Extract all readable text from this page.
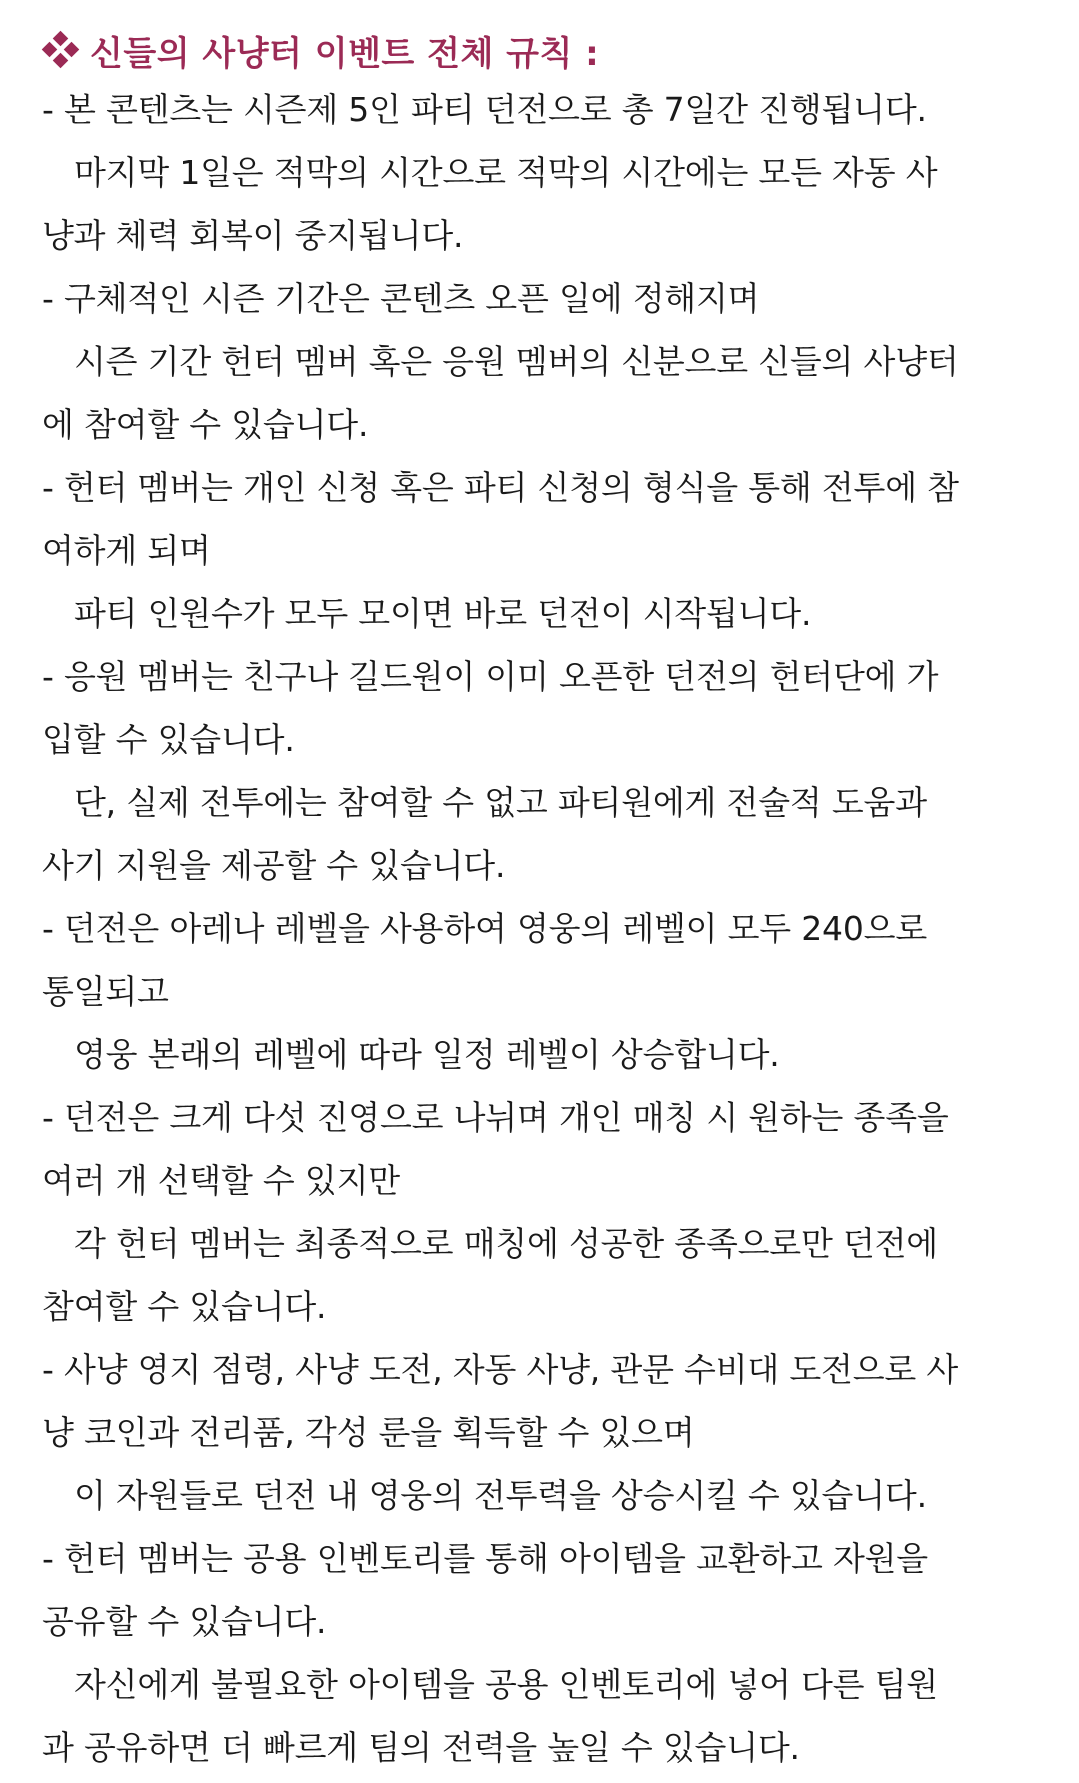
신들의 사냥터 이벤트 전체 규칙 :
- 본 콘텐츠는 시즌제 5인 파티 던전으로 총 7일간 진행됩니다.
마지막 1일은 적막의 시간으로 적막의 시간에는 모든 자동 사
냥과 체력 회복이 중지됩니다.
- 구체적인 시즌 기간은 콘텐츠 오픈 일에 정해지며
시즌 기간 헌터 멤버 혹은 응원 멤버의 신분으로 신들의 사냥터
에 참여할 수 있습니다.
- 헌터 멤버는 개인 신청 혹은 파티 신청의 형식을 통해 전투에 참
여하게 되며
파티 인원수가 모두 모이면 바로 던전이 시작됩니다.
- 응원 멤버는 친구나 길드원이 이미 오픈한 던전의 헌터단에 가
입할 수 있습니다.
단, 실제 전투에는 참여할 수 없고 파티원에게 전술적 도움과
사기 지원을 제공할 수 있습니다.
- 던전은 아레나 레벨을 사용하여 영웅의 레벨이 모두 240으로
통일되고
영웅 본래의 레벨에 따라 일정 레벨이 상승합니다.
- 던전은 크게 다섯 진영으로 나뉘며 개인 매칭 시 원하는 종족을
여러 개 선택할 수 있지만
각 헌터 멤버는 최종적으로 매칭에 성공한 종족으로만 던전에
참여할 수 있습니다.
- 사냥 영지 점령, 사냥 도전, 자동 사냥, 관문 수비대 도전으로 사
냥 코인과 전리품, 각성 룬을 획득할 수 있으며
이 자원들로 던전 내 영웅의 전투력을 상승시킬 수 있습니다.
- 헌터 멤버는 공용 인벤토리를 통해 아이템을 교환하고 자원을
공유할 수 있습니다.
자신에게 불필요한 아이템을 공용 인벤토리에 넣어 다른 팀원
과 공유하면 더 빠르게 팀의 전력을 높일 수 있습니다.
